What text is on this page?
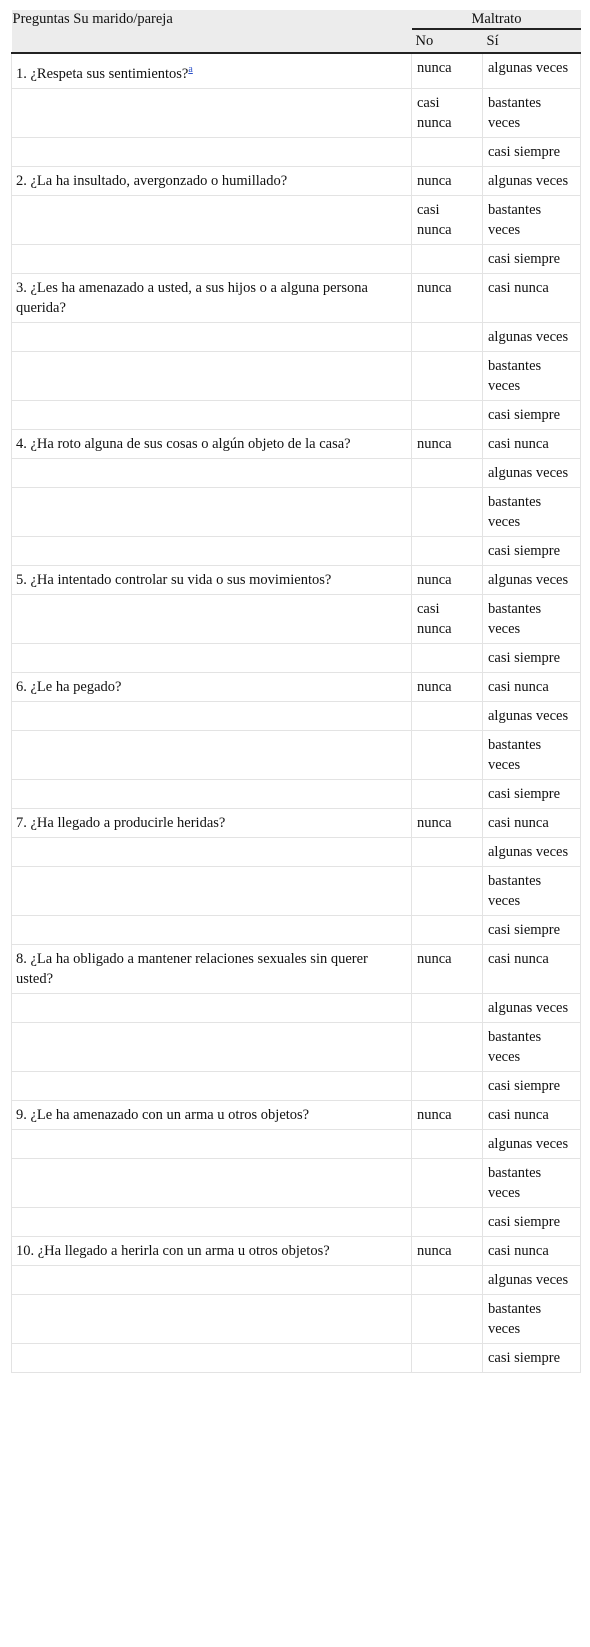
Preguntas Su marido/pareja	Maltrato	
	No	Sí
1. ¿Respeta sus sentimientos?$^a$	nunca	algunas veces
	casi nunca	bastantes veces
		casi siempre
2. ¿La ha insultado, avergonzado o humillado?	nunca	algunas veces
	casi nunca	bastantes veces
		casi siempre
3. ¿Les ha amenazado a usted, a sus hijos o a alguna persona querida?	nunca	casi nunca
		algunas veces
		bastantes veces
		casi siempre
4. ¿Ha roto alguna de sus cosas o algún objeto de la casa?	nunca	casi nunca
		algunas veces
		bastantes veces
		casi siempre
5. ¿Ha intentado controlar su vida o sus movimientos?	nunca	algunas veces
	casi nunca	bastantes veces
		casi siempre
6. ¿Le ha pegado?	nunca	casi nunca
		algunas veces
		bastantes veces
		casi siempre
7. ¿Ha llegado a producirle heridas?	nunca	casi nunca
		algunas veces
		bastantes veces
		casi siempre
8. ¿La ha obligado a mantener relaciones sexuales sin querer usted?	nunca	casi nunca
		algunas veces
		bastantes veces
		casi siempre
9. ¿Le ha amenazado con un arma u otros objetos?	nunca	casi nunca
		algunas veces
		bastantes veces
		casi siempre
10. ¿Ha llegado a herirla con un arma u otros objetos?	nunca	casi nunca
		algunas veces
		bastantes veces
		casi siempre
